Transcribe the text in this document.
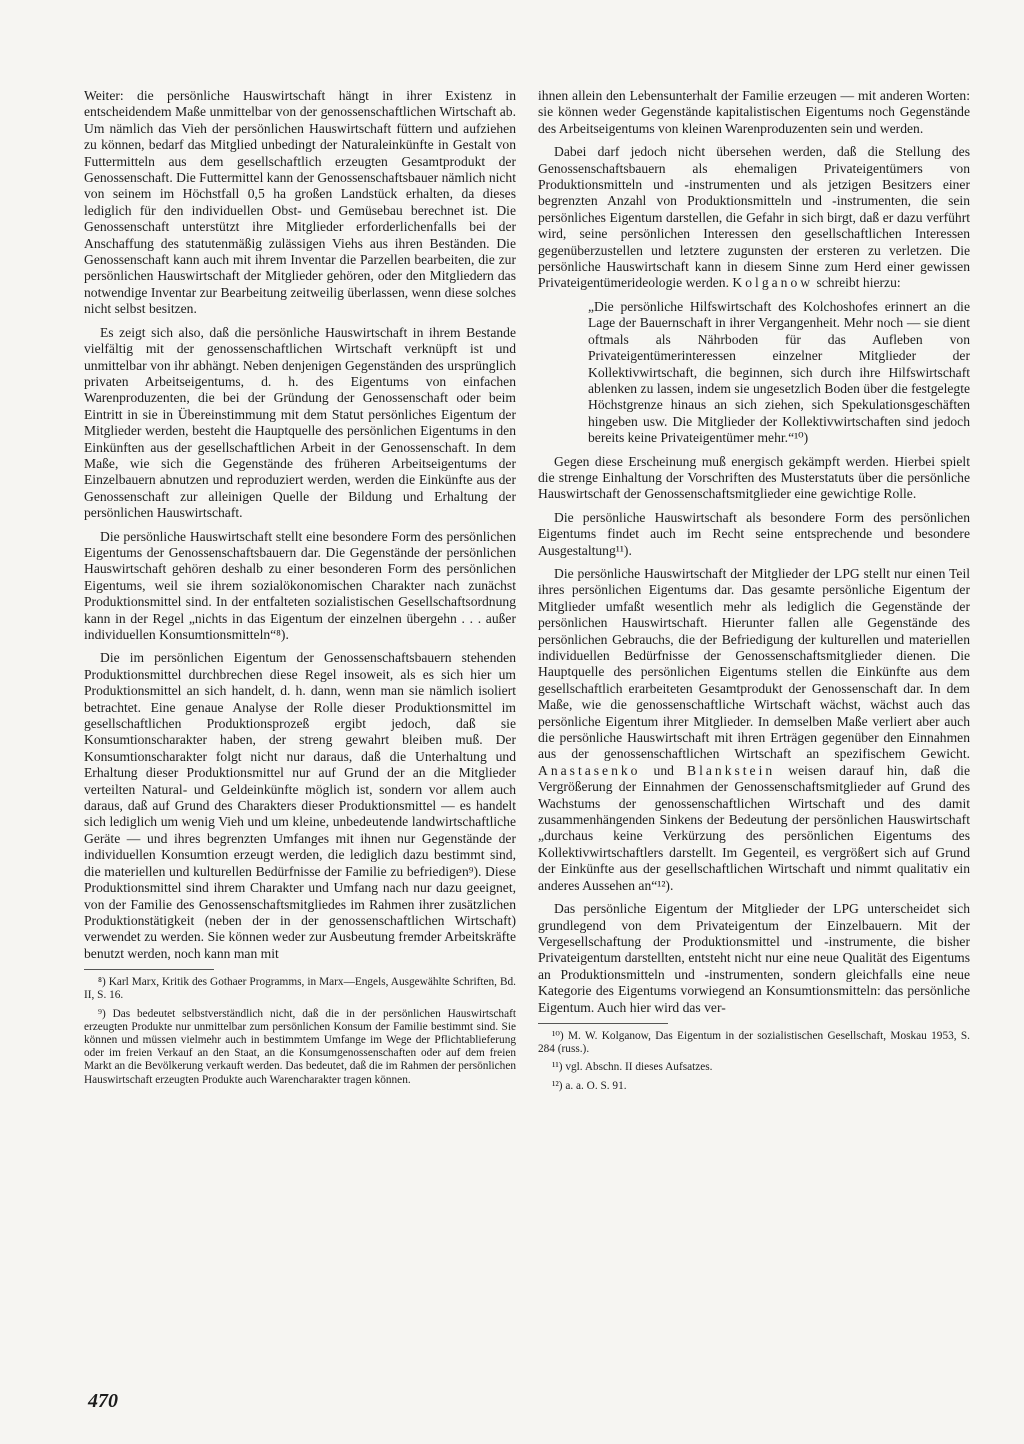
Weiter: die persönliche Hauswirtschaft hängt in ihrer Existenz in entscheidendem Maße unmittelbar von der genossenschaftlichen Wirtschaft ab. Um nämlich das Vieh der persönlichen Hauswirtschaft füttern und aufziehen zu können, bedarf das Mitglied unbedingt der Naturaleinkünfte in Gestalt von Futtermitteln aus dem gesellschaftlich erzeugten Gesamtprodukt der Genossenschaft. Die Futtermittel kann der Genossenschaftsbauer nämlich nicht von seinem im Höchstfall 0,5 ha großen Landstück erhalten, da dieses lediglich für den individuellen Obst- und Gemüsebau berechnet ist. Die Genossenschaft unterstützt ihre Mitglieder erforderlichenfalls bei der Anschaffung des statutenmäßig zulässigen Viehs aus ihren Beständen. Die Genossenschaft kann auch mit ihrem Inventar die Parzellen bearbeiten, die zur persönlichen Hauswirtschaft der Mitglieder gehören, oder den Mitgliedern das notwendige Inventar zur Bearbeitung zeitweilig überlassen, wenn diese solches nicht selbst besitzen.

Es zeigt sich also, daß die persönliche Hauswirtschaft in ihrem Bestande vielfältig mit der genossenschaftlichen Wirtschaft verknüpft ist und unmittelbar von ihr abhängt. Neben denjenigen Gegenständen des ursprünglich privaten Arbeitseigentums, d. h. des Eigentums von einfachen Warenproduzenten, die bei der Gründung der Genossenschaft oder beim Eintritt in sie in Übereinstimmung mit dem Statut persönliches Eigentum der Mitglieder werden, besteht die Hauptquelle des persönlichen Eigentums in den Einkünften aus der gesellschaftlichen Arbeit in der Genossenschaft. In dem Maße, wie sich die Gegenstände des früheren Arbeitseigentums der Einzelbauern abnutzen und reproduziert werden, werden die Einkünfte aus der Genossenschaft zur alleinigen Quelle der Bildung und Erhaltung der persönlichen Hauswirtschaft.

Die persönliche Hauswirtschaft stellt eine besondere Form des persönlichen Eigentums der Genossenschaftsbauern dar. Die Gegenstände der persönlichen Hauswirtschaft gehören deshalb zu einer besonderen Form des persönlichen Eigentums, weil sie ihrem sozialökonomischen Charakter nach zunächst Produktionsmittel sind. In der entfalteten sozialistischen Gesellschaftsordnung kann in der Regel „nichts in das Eigentum der einzelnen übergehn . . . außer individuellen Konsumtionsmitteln“⁸).

Die im persönlichen Eigentum der Genossenschaftsbauern stehenden Produktionsmittel durchbrechen diese Regel insoweit, als es sich hier um Produktionsmittel an sich handelt, d. h. dann, wenn man sie nämlich isoliert betrachtet. Eine genaue Analyse der Rolle dieser Produktionsmittel im gesellschaftlichen Produktionsprozeß ergibt jedoch, daß sie Konsumtionscharakter haben, der streng gewahrt bleiben muß. Der Konsumtionscharakter folgt nicht nur daraus, daß die Unterhaltung und Erhaltung dieser Produktionsmittel nur auf Grund der an die Mitglieder verteilten Natural- und Geldeinkünfte möglich ist, sondern vor allem auch daraus, daß auf Grund des Charakters dieser Produktionsmittel — es handelt sich lediglich um wenig Vieh und um kleine, unbedeutende landwirtschaftliche Geräte — und ihres begrenzten Umfanges mit ihnen nur Gegenstände der individuellen Konsumtion erzeugt werden, die lediglich dazu bestimmt sind, die materiellen und kulturellen Bedürfnisse der Familie zu befriedigen⁹). Diese Produktionsmittel sind ihrem Charakter und Umfang nach nur dazu geeignet, von der Familie des Genossenschaftsmitgliedes im Rahmen ihrer zusätzlichen Produktionstätigkeit (neben der in der genossenschaftlichen Wirtschaft) verwendet zu werden. Sie können weder zur Ausbeutung fremder Arbeitskräfte benutzt werden, noch kann man mit

⁸) Karl Marx, Kritik des Gothaer Programms, in Marx—Engels, Ausgewählte Schriften, Bd. II, S. 16.
⁹) Das bedeutet selbstverständlich nicht, daß die in der persönlichen Hauswirtschaft erzeugten Produkte nur unmittelbar zum persönlichen Konsum der Familie bestimmt sind. Sie können und müssen vielmehr auch in bestimmtem Umfange im Wege der Pflichtablieferung oder im freien Verkauf an den Staat, an die Konsumgenossenschaften oder auf dem freien Markt an die Bevölkerung verkauft werden. Das bedeutet, daß die im Rahmen der persönlichen Hauswirtschaft erzeugten Produkte auch Warencharakter tragen können.

ihnen allein den Lebensunterhalt der Familie erzeugen — mit anderen Worten: sie können weder Gegenstände kapitalistischen Eigentums noch Gegenstände des Arbeitseigentums von kleinen Warenproduzenten sein und werden.

Dabei darf jedoch nicht übersehen werden, daß die Stellung des Genossenschaftsbauern als ehemaligen Privateigentümers von Produktionsmitteln und -instrumenten und als jetzigen Besitzers einer begrenzten Anzahl von Produktionsmitteln und -instrumenten, die sein persönliches Eigentum darstellen, die Gefahr in sich birgt, daß er dazu verführt wird, seine persönlichen Interessen den gesellschaftlichen Interessen gegenüberzustellen und letztere zugunsten der ersteren zu verletzen. Die persönliche Hauswirtschaft kann in diesem Sinne zum Herd einer gewissen Privateigentümerideologie werden. Kolganow schreibt hierzu:

„Die persönliche Hilfswirtschaft des Kolchoshofes erinnert an die Lage der Bauernschaft in ihrer Vergangenheit. Mehr noch — sie dient oftmals als Nährboden für das Aufleben von Privateigentümerinteressen einzelner Mitglieder der Kollektivwirtschaft, die beginnen, sich durch ihre Hilfswirtschaft ablenken zu lassen, indem sie ungesetzlich Boden über die festgelegte Höchstgrenze hinaus an sich ziehen, sich Spekulationsgeschäften hingeben usw. Die Mitglieder der Kollektivwirtschaften sind jedoch bereits keine Privateigentümer mehr.“¹⁰)

Gegen diese Erscheinung muß energisch gekämpft werden. Hierbei spielt die strenge Einhaltung der Vorschriften des Musterstatuts über die persönliche Hauswirtschaft der Genossenschaftsmitglieder eine gewichtige Rolle.

Die persönliche Hauswirtschaft als besondere Form des persönlichen Eigentums findet auch im Recht seine entsprechende und besondere Ausgestaltung¹¹).

Die persönliche Hauswirtschaft der Mitglieder der LPG stellt nur einen Teil ihres persönlichen Eigentums dar. Das gesamte persönliche Eigentum der Mitglieder umfaßt wesentlich mehr als lediglich die Gegenstände der persönlichen Hauswirtschaft. Hierunter fallen alle Gegenstände des persönlichen Gebrauchs, die der Befriedigung der kulturellen und materiellen individuellen Bedürfnisse der Genossenschaftsmitglieder dienen. Die Hauptquelle des persönlichen Eigentums stellen die Einkünfte aus dem gesellschaftlich erarbeiteten Gesamtprodukt der Genossenschaft dar. In dem Maße, wie die genossenschaftliche Wirtschaft wächst, wächst auch das persönliche Eigentum ihrer Mitglieder. In demselben Maße verliert aber auch die persönliche Hauswirtschaft mit ihren Erträgen gegenüber den Einnahmen aus der genossenschaftlichen Wirtschaft an spezifischem Gewicht. Anastasenko und Blankstein weisen darauf hin, daß die Vergrößerung der Einnahmen der Genossenschaftsmitglieder auf Grund des Wachstums der genossenschaftlichen Wirtschaft und des damit zusammenhängenden Sinkens der Bedeutung der persönlichen Hauswirtschaft „durchaus keine Verkürzung des persönlichen Eigentums des Kollektivwirtschaftlers darstellt. Im Gegenteil, es vergrößert sich auf Grund der Einkünfte aus der gesellschaftlichen Wirtschaft und nimmt qualitativ ein anderes Aussehen an“¹²).

Das persönliche Eigentum der Mitglieder der LPG unterscheidet sich grundlegend von dem Privateigentum der Einzelbauern. Mit der Vergesellschaftung der Produktionsmittel und -instrumente, die bisher Privateigentum darstellten, entsteht nicht nur eine neue Qualität des Eigentums an Produktionsmitteln und -instrumenten, sondern gleichfalls eine neue Kategorie des Eigentums vorwiegend an Konsumtionsmitteln: das persönliche Eigentum. Auch hier wird das ver-

¹⁰) M. W. Kolganow, Das Eigentum in der sozialistischen Gesellschaft, Moskau 1953, S. 284 (russ.).
¹¹) vgl. Abschn. II dieses Aufsatzes.
¹²) a. a. O. S. 91.
470
